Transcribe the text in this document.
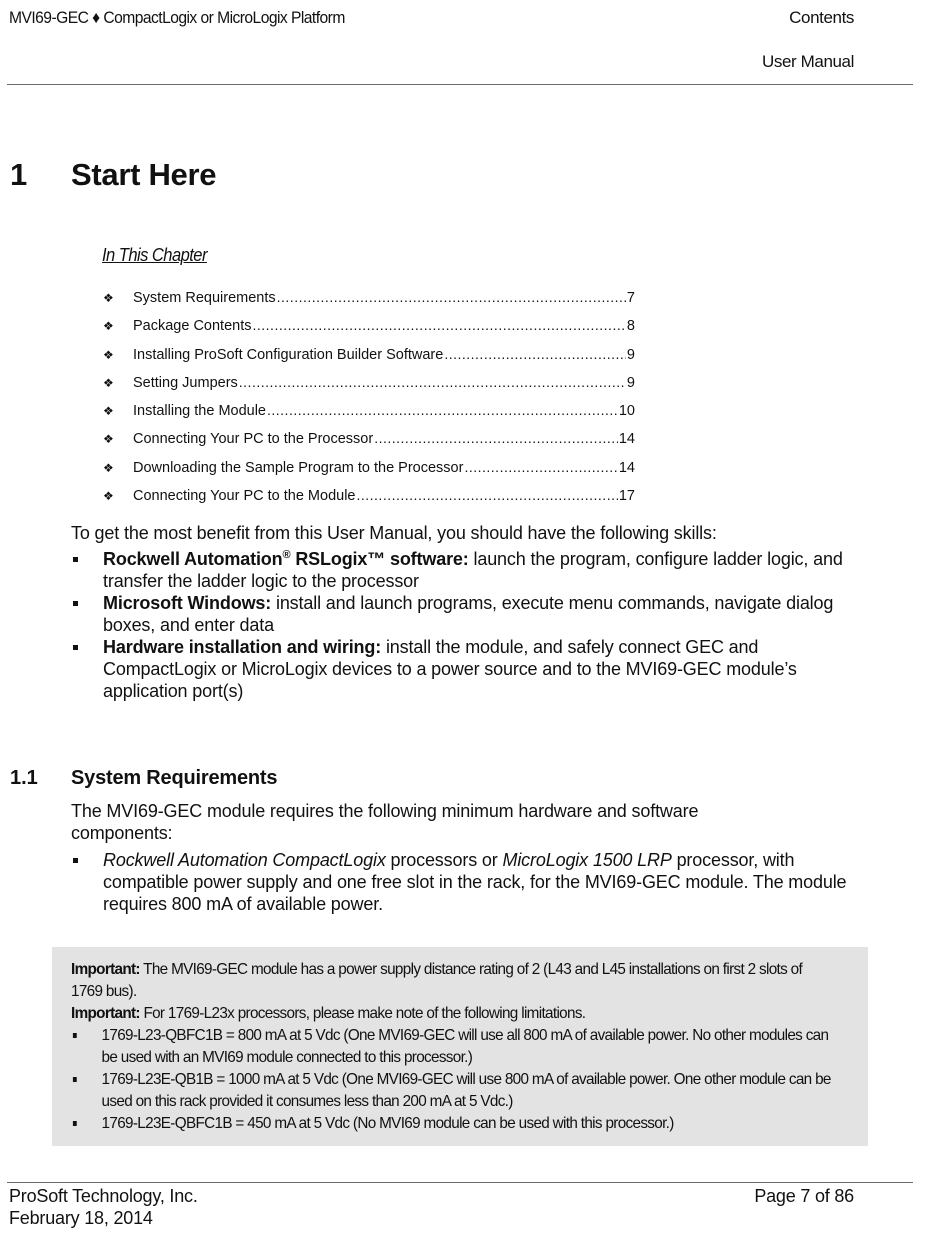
MVI69-GEC ♦ CompactLogix or MicroLogix Platform	Contents
User Manual
1 Start Here
In This Chapter
❖	System Requirements .....	7
❖	Package Contents .....	8
❖	Installing ProSoft Configuration Builder Software .....	9
❖	Setting Jumpers .....	9
❖	Installing the Module .....	10
❖	Connecting Your PC to the Processor .....	14
❖	Downloading the Sample Program to the Processor .....	14
❖	Connecting Your PC to the Module .....	17
To get the most benefit from this User Manual, you should have the following skills:
Rockwell Automation® RSLogix™ software: launch the program, configure ladder logic, and transfer the ladder logic to the processor
Microsoft Windows: install and launch programs, execute menu commands, navigate dialog boxes, and enter data
Hardware installation and wiring: install the module, and safely connect GEC and CompactLogix or MicroLogix devices to a power source and to the MVI69-GEC module’s application port(s)
1.1 System Requirements
The MVI69-GEC module requires the following minimum hardware and software components:
Rockwell Automation CompactLogix processors or MicroLogix 1500 LRP processor, with compatible power supply and one free slot in the rack, for the MVI69-GEC module. The module requires 800 mA of available power.

Important: The MVI69-GEC module has a power supply distance rating of 2 (L43 and L45 installations on first 2 slots of 1769 bus).

Important: For 1769-L23x processors, please make note of the following limitations.

1769-L23-QBFC1B = 800 mA at 5 Vdc (One MVI69-GEC will use all 800 mA of available power. No other modules can be used with an MVI69 module connected to this processor.)
1769-L23E-QB1B = 1000 mA at 5 Vdc (One MVI69-GEC will use 800 mA of available power. One other module can be used on this rack provided it consumes less than 200 mA at 5 Vdc.)
1769-L23E-QBFC1B = 450 mA at 5 Vdc (No MVI69 module can be used with this processor.)
ProSoft Technology, Inc.
February 18, 2014
Page 7 of 86
